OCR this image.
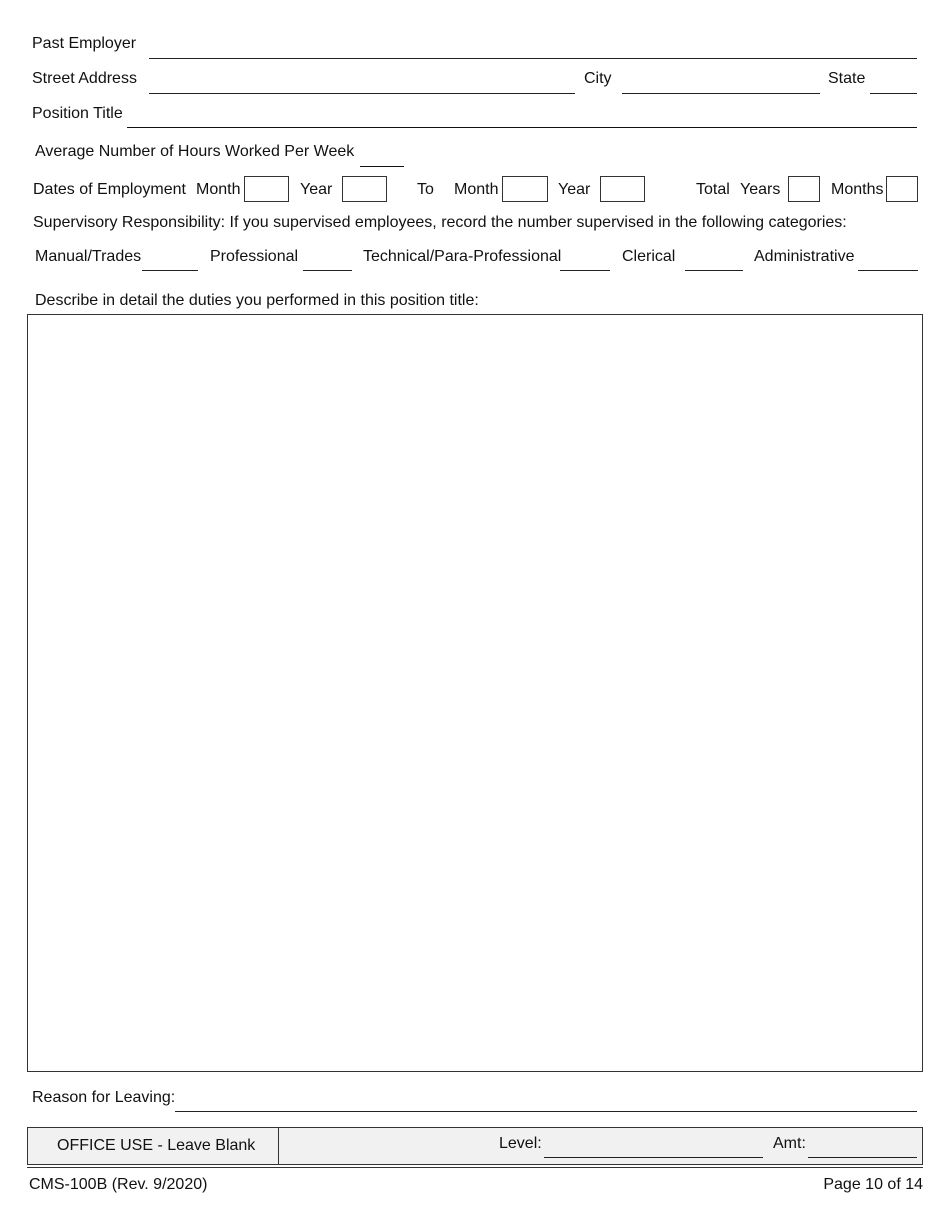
Past Employer
Street Address	City	State
Position Title
Average Number of Hours Worked Per Week
Dates of Employment Month	Year	To Month	Year	Total Years	Months
Supervisory Responsibility: If you supervised employees, record the number supervised in the following categories:
Manual/Trades	Professional	Technical/Para-Professional	Clerical	Administrative
Describe in detail the duties you performed in this position title:
Reason for Leaving:
OFFICE USE - Leave Blank	Level:	Amt:
CMS-100B (Rev. 9/2020)	Page 10 of 14
